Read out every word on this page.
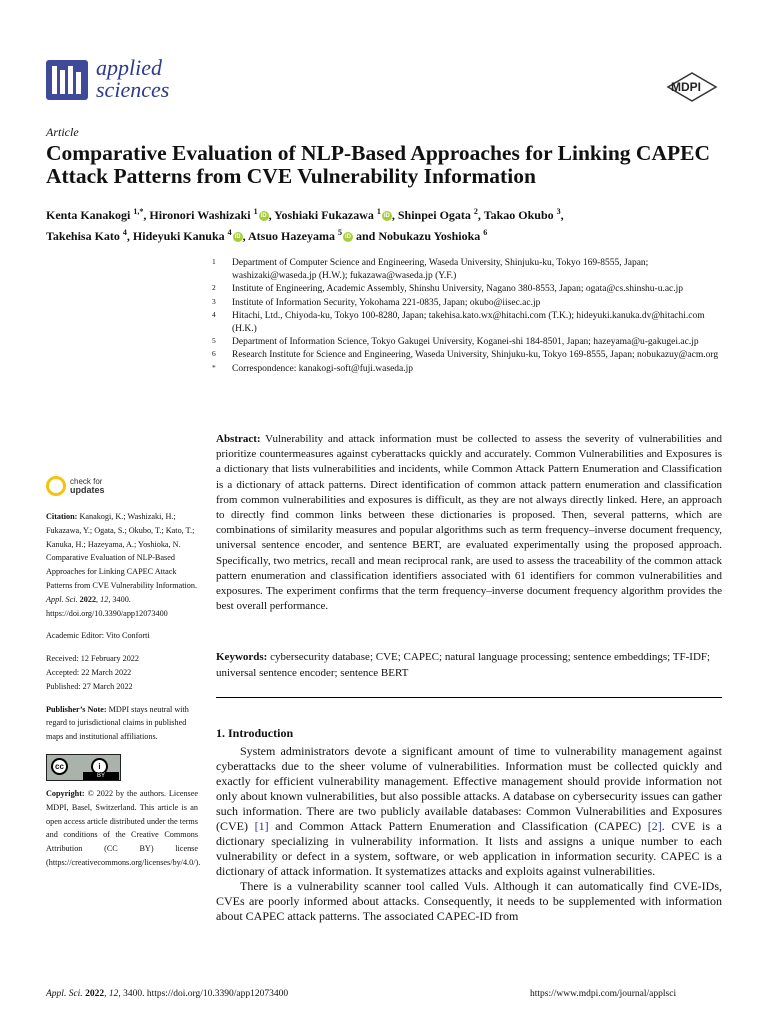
applied
sciences	MDPI
Article
Comparative Evaluation of NLP-Based Approaches for Linking CAPEC Attack Patterns from CVE Vulnerability Information
Kenta Kanakogi $^{1,*}$, Hironori Washizaki $^1$iD , Yoshiaki Fukazawa $^1$iD , Shinpei Ogata $^2$, Takao Okubo $^3$,
Takehisa Kato $^4$, Hideyuki Kanuka $^4$iD , Atsuo Hazeyama $^5$iD and Nobukazu Yoshioka $^6$
1 Department of Computer Science and Engineering, Waseda University, Shinjuku-ku, Tokyo 169-8555, Japan; washizaki@waseda.jp (H.W.); fukazawa@waseda.jp (Y.F.)
2 Institute of Engineering, Academic Assembly, Shinshu University, Nagano 380-8553, Japan; ogata@cs.shinshu-u.ac.jp
3 Institute of Information Security, Yokohama 221-0835, Japan; okubo@iisec.ac.jp
4 Hitachi, Ltd., Chiyoda-ku, Tokyo 100-8280, Japan; takehisa.kato.wx@hitachi.com (T.K.); hideyuki.kanuka.dv@hitachi.com (H.K.)
5 Department of Information Science, Tokyo Gakugei University, Koganei-shi 184-8501, Japan; hazeyama@u-gakugei.ac.jp
6 Research Institute for Science and Engineering, Waseda University, Shinjuku-ku, Tokyo 169-8555, Japan; nobukazuy@acm.org
* Correspondence: kanakogi-soft@fuji.waseda.jp
Abstract: Vulnerability and attack information must be collected to assess the severity of vulnerabilities and prioritize countermeasures against cyberattacks quickly and accurately. Common Vulnerabilities and Exposures is a dictionary that lists vulnerabilities and incidents, while Common Attack Pattern Enumeration and Classification is a dictionary of attack patterns. Direct identification of common attack pattern enumeration and classification from common vulnerabilities and exposures is difficult, as they are not always directly linked. Here, an approach to directly find common links between these dictionaries is proposed. Then, several patterns, which are combinations of similarity measures and popular algorithms such as term frequency–inverse document frequency, universal sentence encoder, and sentence BERT, are evaluated experimentally using the proposed approach. Specifically, two metrics, recall and mean reciprocal rank, are used to assess the traceability of the common attack pattern enumeration and classification identifiers associated with 61 identifiers for common vulnerabilities and exposures. The experiment confirms that the term frequency–inverse document frequency algorithm provides the best overall performance.
Keywords: cybersecurity database; CVE; CAPEC; natural language processing; sentence embeddings; TF-IDF; universal sentence encoder; sentence BERT
check for
updates

Citation: Kanakogi, K.; Washizaki, H.; Fukazawa, Y.; Ogata, S.; Okubo, T.; Kato, T.; Kanuka, H.; Hazeyama, A.; Yoshioka, N. Comparative Evaluation of NLP-Based Approaches for Linking CAPEC Attack Patterns from CVE Vulnerability Information. Appl. Sci. 2022, 12, 3400. https://doi.org/10.3390/app12073400

Academic Editor: Vito Conforti

Received: 12 February 2022

Accepted: 22 March 2022

Published: 27 March 2022

Publisher’s Note: MDPI stays neutral with regard to jurisdictional claims in published maps and institutional affiliations.

cc	i
BY
Copyright: © 2022 by the authors. Licensee MDPI, Basel, Switzerland. This article is an open access article distributed under the terms and conditions of the Creative Commons Attribution (CC BY) license (https://creativecommons.org/licenses/by/4.0/).
1. Introduction

System administrators devote a significant amount of time to vulnerability management against cyberattacks due to the sheer volume of vulnerabilities. Information must be collected quickly and exactly for efficient vulnerability management. Effective management should provide information not only about known vulnerabilities, but also possible attacks. A database on cybersecurity issues can gather such information. There are two publicly available databases: Common Vulnerabilities and Exposures (CVE) [1] and Common Attack Pattern Enumeration and Classification (CAPEC) [2]. CVE is a dictionary specializing in vulnerability information. It lists and assigns a unique number to each vulnerability or defect in a system, software, or web application in information security. CAPEC is a dictionary of attack information. It systematizes attacks and exploits against vulnerabilities.

There is a vulnerability scanner tool called Vuls. Although it can automatically find CVE-IDs, CVEs are poorly informed about attacks. Consequently, it needs to be supplemented with information about CAPEC attack patterns. The associated CAPEC-ID from

Appl. Sci. 2022, 12, 3400. https://doi.org/10.3390/app12073400	https://www.mdpi.com/journal/applsci
